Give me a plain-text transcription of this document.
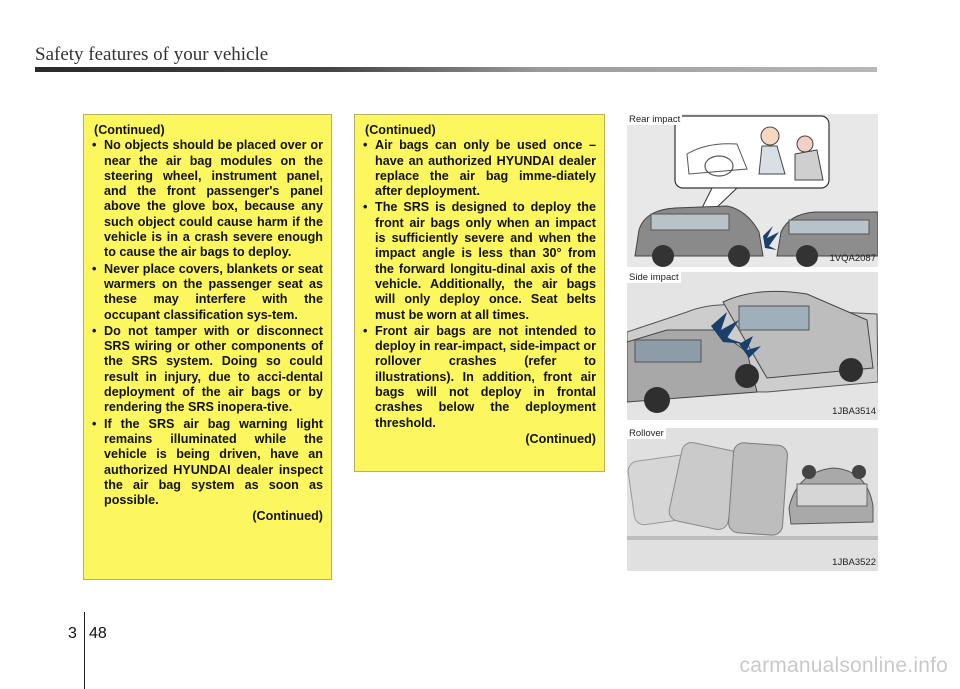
Safety features of your vehicle

(Continued)

• No objects should be placed over or near the air bag modules on the steering wheel, instrument panel, and the front passenger's panel above the glove box, because any such object could cause harm if the vehicle is in a crash severe enough to cause the air bags to deploy.
• Never place covers, blankets or seat warmers on the passenger seat as these may interfere with the occupant classification sys-tem.
• Do not tamper with or disconnect SRS wiring or other components of the SRS system. Doing so could result in injury, due to acci-dental deployment of the air bags or by rendering the SRS inopera-tive.
• If the SRS air bag warning light remains illuminated while the vehicle is being driven, have an authorized HYUNDAI dealer inspect the air bag system as soon as possible.

(Continued)

(Continued)

• Air bags can only be used once – have an authorized HYUNDAI dealer replace the air bag imme-diately after deployment.
• The SRS is designed to deploy the front air bags only when an impact is sufficiently severe and when the impact angle is less than 30° from the forward longitu-dinal axis of the vehicle. Additionally, the air bags will only deploy once. Seat belts must be worn at all times.
• Front air bags are not intended to deploy in rear-impact, side-impact or rollover crashes (refer to illustrations). In addition, front air bags will not deploy in frontal crashes below the deployment threshold.

(Continued)

Rear impact
1VQA2087
Side impact
1JBA3514
Rollover
1JBA3522
3 48
carmanualsonline.info
